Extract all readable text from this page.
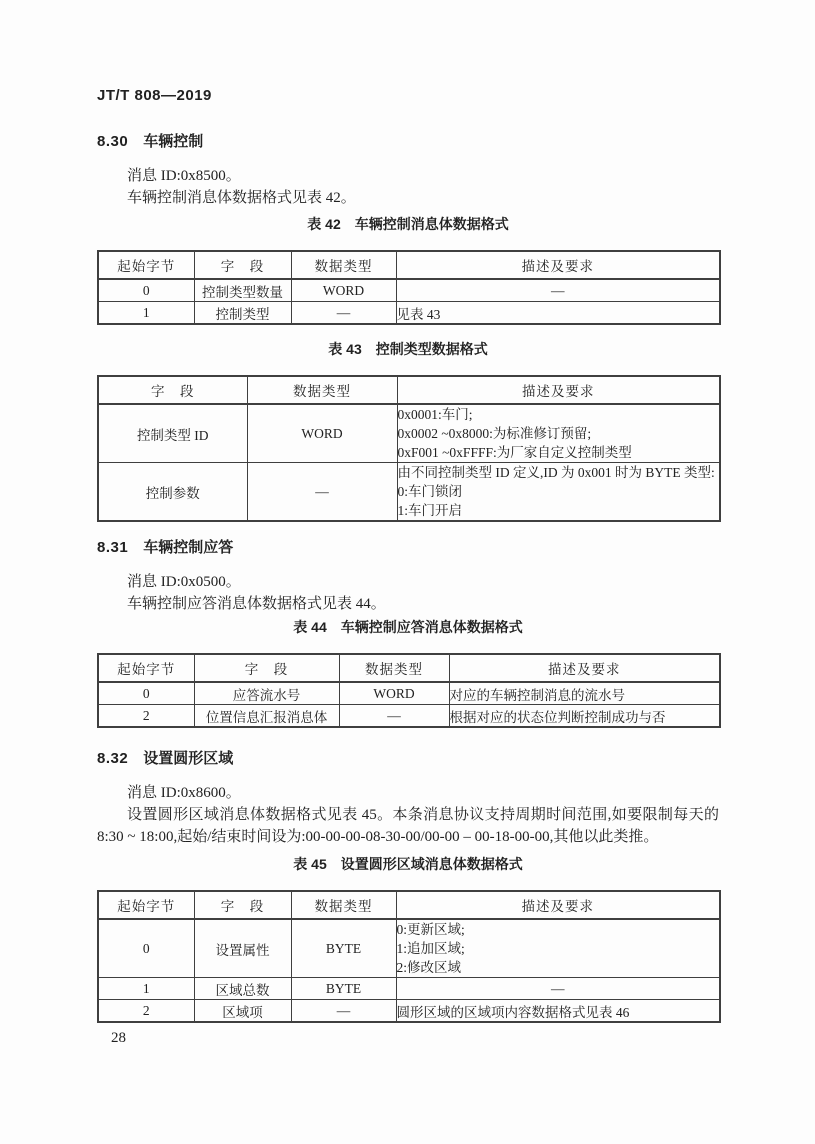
JT/T 808—2019
8.30 车辆控制

消息 ID:0x8500。

车辆控制消息体数据格式见表 42。

表 42　车辆控制消息体数据格式
起始字节	字　段	数据类型	描述及要求
0	控制类型数量	WORD	—
1	控制类型	—	见表 43
表 43　控制类型数据格式
字　段	数据类型	描述及要求
控制类型 ID	WORD	0x0001:车门;
0x0002 ~0x8000:为标准修订预留;
0xF001 ~0xFFFF:为厂家自定义控制类型

控制参数	—	由不同控制类型 ID 定义,ID 为 0x001 时为 BYTE 类型:
0:车门锁闭
1:车门开启
8.31 车辆控制应答

消息 ID:0x0500。

车辆控制应答消息体数据格式见表 44。

表 44　车辆控制应答消息体数据格式
起始字节	字　段	数据类型	描述及要求
0	应答流水号	WORD	对应的车辆控制消息的流水号
2	位置信息汇报消息体	—	根据对应的状态位判断控制成功与否
8.32 设置圆形区域

消息 ID:0x8600。

设置圆形区域消息体数据格式见表 45。本条消息协议支持周期时间范围,如要限制每天的 8:30 ~ 18:00,起始/结束时间设为:00-00-00-08-30-00/00-00 – 00-18-00-00,其他以此类推。

表 45　设置圆形区域消息体数据格式
起始字节	字　段	数据类型	描述及要求
0	设置属性	BYTE	0:更新区域;
1:追加区域;
2:修改区域

1	区域总数	BYTE	—
2	区域项	—	圆形区域的区域项内容数据格式见表 46
28
